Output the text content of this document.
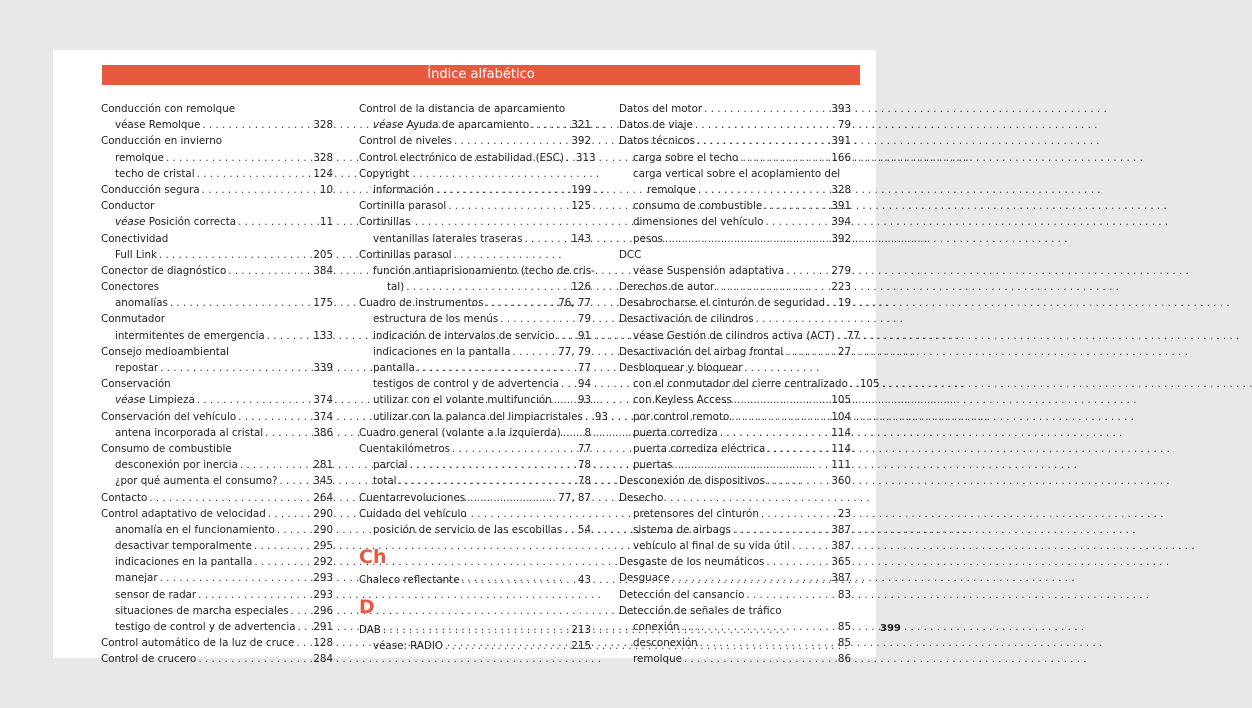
Índice alfabético
Conducción con remolque
véase Remolque . . .	328
Conducción en invierno
remolque . . .	328
techo de cristal . . .	124
Conducción segura . . .	10
Conductor
véase Posición correcta . . .	11
Conectividad
Full Link . . .	205
Conector de diagnóstico . . .	384
Conectores
anomalías . . .	175
Conmutador
intermitentes de emergencia . . .	133
Consejo medioambiental
repostar . . .	339
Conservación
véase Limpieza . . .	374
Conservación del vehículo . . .	374
antena incorporada al cristal . . .	386
Consumo de combustible
desconexión por inercia . . .	281
¿por qué aumenta el consumo? . . .	345
Contacto . . .	264
Control adaptativo de velocidad . . .	290
anomalía en el funcionamiento . . .	290
desactivar temporalmente . . .	295
indicaciones en la pantalla . . .	292
manejar . . .	293
sensor de radar . . .	293
situaciones de marcha especiales . . . 296
testigo de control y de advertencia . . . 291
Control automático de la luz de cruce . . . 128
Control de crucero . . .	284
Control de la distancia de aparcamiento
véase Ayuda de aparcamiento . . .	321
Control de niveles . . .	392
Control electrónico de estabilidad (ESC) . . . 313
Copyright
información . . .	199
Cortinilla parasol . . .	125
Cortinillas
ventanillas laterales traseras . . .	143
Cortinillas parasol
función antiaprisionamiento (techo de cris-
tal) . . .	126
Cuadro de instrumentos . . .	76, 77
estructura de los menús . . .	79
indicación de intervalos de servicio . . . 91
indicaciones en la pantalla . . .	77, 79
pantalla . . .	77
testigos de control y de advertencia . . . 94
utilizar con el volante multifunción . . .	93
utilizar con la palanca del limpiacristales . . . 93
Cuadro general (volante a la izquierda) . . . 8
Cuentakilómetros . . .	77
parcial . . .	78
total . . .	78
Cuentarrevoluciones . . .	77, 87
Cuidado del vehículo
posición de servicio de las escobillas . . . 54
Ch
Chaleco reflectante . . .	43
D
DAB . . .	213
véase: RADIO . . .	215
Datos del motor . . .	393
Datos de viaje . . .	79
Datos técnicos . . .	391
carga sobre el techo . . .	166
carga vertical sobre el acoplamiento del
remolque . . .	328
consumo de combustible . . .	391
dimensiones del vehículo . . .	394
pesos . . .	392
DCC
véase Suspensión adaptativa . . .	279
Derechos de autor . . .	223
Desabrocharse el cinturón de seguridad . . . 19
Desactivación de cilindros
véase Gestión de cilindros activa (ACT) . . . 77
Desactivación del airbag frontal . . .	27
Desbloquear y bloquear
con el conmutador del cierre centralizado . . . 105
con Keyless Access . . .	105
por control remoto . . .	104
puerta corrediza . . .	114
puerta corrediza eléctrica . . .	114
puertas . . .	111
Desconexión de dispositivos . . .	360
Desecho
pretensores del cinturón . . .	23
sistema de airbags . . .	387
vehículo al final de su vida útil . . .	387
Desgaste de los neumáticos . . .	365
Desguace . . .	387
Detección del cansancio . . .	83
Detección de señales de tráfico
conexión . . .	85
desconexión . . .	85
remolque . . .	86
399
